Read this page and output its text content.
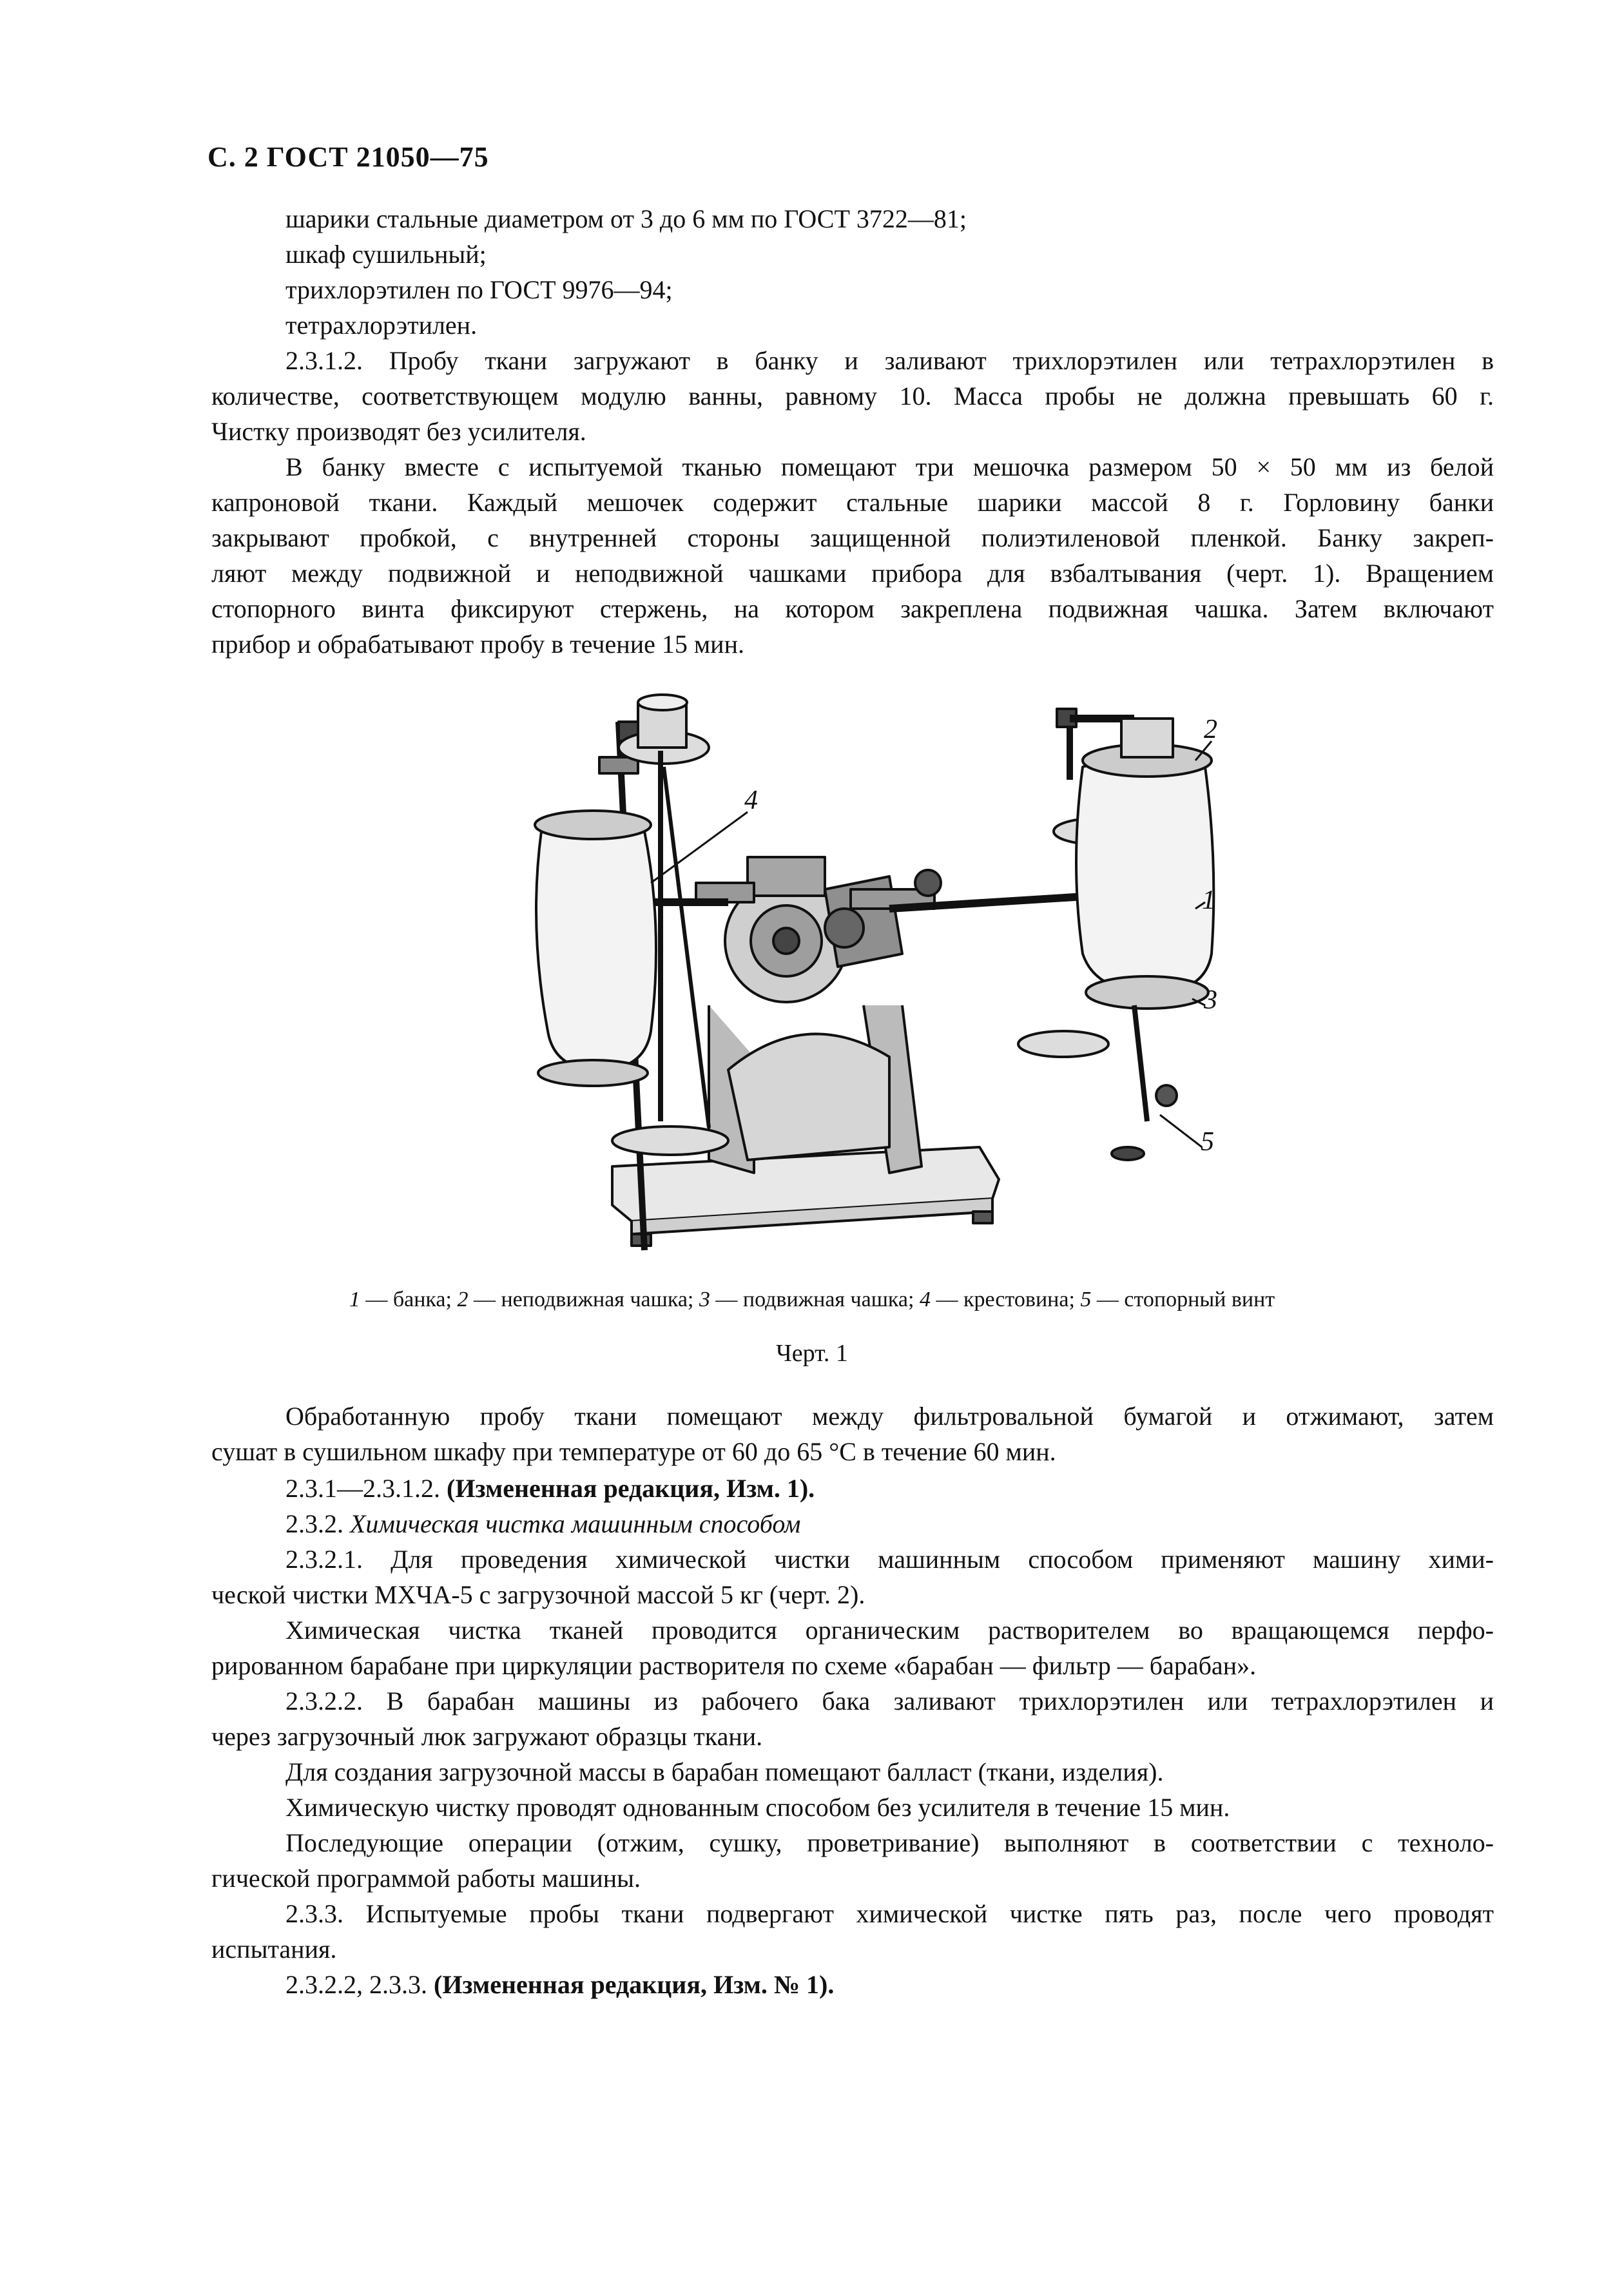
С. 2 ГОСТ 21050—75
шарики стальные диаметром от 3 до 6 мм по ГОСТ 3722—81;
шкаф сушильный;
трихлорэтилен по ГОСТ 9976—94;
тетрахлорэтилен.
2.3.1.2. Пробу ткани загружают в банку и заливают трихлорэтилен или тетрахлорэтилен в
количестве, соответствующем модулю ванны, равному 10. Масса пробы не должна превышать 60 г.
Чистку производят без усилителя.
В банку вместе с испытуемой тканью помещают три мешочка размером 50 × 50 мм из белой
капроновой ткани. Каждый мешочек содержит стальные шарики массой 8 г. Горловину банки
закрывают пробкой, с внутренней стороны защищенной полиэтиленовой пленкой. Банку закреп-
ляют между подвижной и неподвижной чашками прибора для взбалтывания (черт. 1). Вращением
стопорного винта фиксируют стержень, на котором закреплена подвижная чашка. Затем включают
прибор и обрабатывают пробу в течение 15 мин.
1
2
3
4
5
1 — банка; 2 — неподвижная чашка; 3 — подвижная чашка; 4 — крестовина; 5 — стопорный винт
Черт. 1
Обработанную пробу ткани помещают между фильтровальной бумагой и отжимают, затем
сушат в сушильном шкафу при температуре от 60 до 65 °С в течение 60 мин.
2.3.1—2.3.1.2. (Измененная редакция, Изм. 1).
2.3.2. Химическая чистка машинным способом
2.3.2.1. Для проведения химической чистки машинным способом применяют машину хими-
ческой чистки МХЧА-5 с загрузочной массой 5 кг (черт. 2).
Химическая чистка тканей проводится органическим растворителем во вращающемся перфо-
рированном барабане при циркуляции растворителя по схеме «барабан — фильтр — барабан».
2.3.2.2. В барабан машины из рабочего бака заливают трихлорэтилен или тетрахлорэтилен и
через загрузочный люк загружают образцы ткани.
Для создания загрузочной массы в барабан помещают балласт (ткани, изделия).
Химическую чистку проводят однованным способом без усилителя в течение 15 мин.
Последующие операции (отжим, сушку, проветривание) выполняют в соответствии с техноло-
гической программой работы машины.
2.3.3. Испытуемые пробы ткани подвергают химической чистке пять раз, после чего проводят
испытания.
2.3.2.2, 2.3.3. (Измененная редакция, Изм. № 1).
